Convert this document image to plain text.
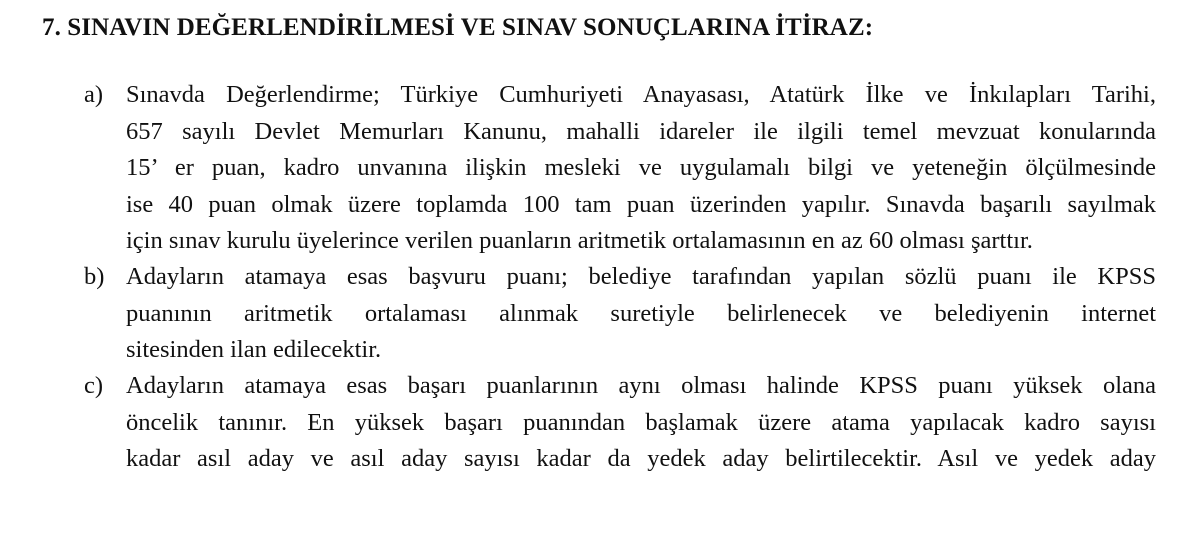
7. SINAVIN DEĞERLENDİRİLMESİ VE SINAV SONUÇLARINA İTİRAZ:
a) Sınavda Değerlendirme; Türkiye Cumhuriyeti Anayasası, Atatürk İlke ve İnkılapları Tarihi,
657 sayılı Devlet Memurları Kanunu, mahalli idareler ile ilgili temel mevzuat konularında
15’ er puan, kadro unvanına ilişkin mesleki ve uygulamalı bilgi ve yeteneğin ölçülmesinde
ise 40 puan olmak üzere toplamda 100 tam puan üzerinden yapılır. Sınavda başarılı sayılmak
için sınav kurulu üyelerince verilen puanların aritmetik ortalamasının en az 60 olması şarttır.
b) Adayların atamaya esas başvuru puanı; belediye tarafından yapılan sözlü puanı ile KPSS
puanının aritmetik ortalaması alınmak suretiyle belirlenecek ve belediyenin internet
sitesinden ilan edilecektir.
c) Adayların atamaya esas başarı puanlarının aynı olması halinde KPSS puanı yüksek olana
öncelik tanınır. En yüksek başarı puanından başlamak üzere atama yapılacak kadro sayısı
kadar asıl aday ve asıl aday sayısı kadar da yedek aday belirtilecektir. Asıl ve yedek aday
